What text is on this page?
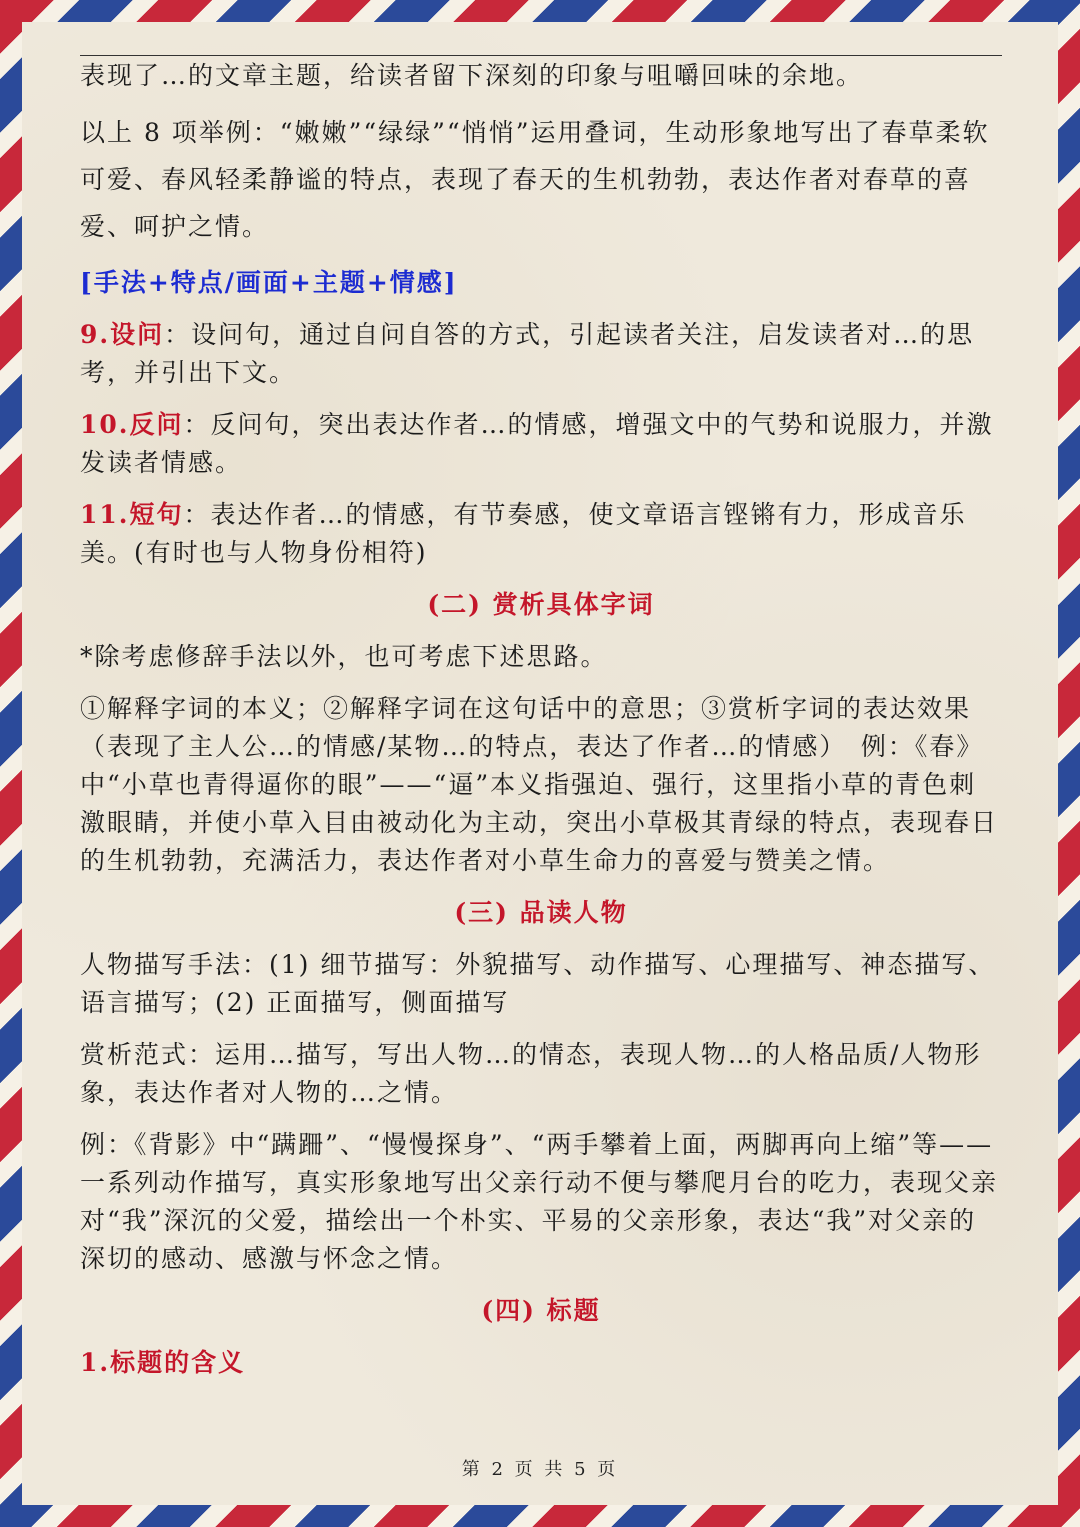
表现了…的文章主题，给读者留下深刻的印象与咀嚼回味的余地。

以上 8 项举例：“嫩嫩”“绿绿”“悄悄”运用叠词，生动形象地写出了春草柔软可爱、春风轻柔静谧的特点，表现了春天的生机勃勃，表达作者对春草的喜爱、呵护之情。

[手法+特点/画面+主题+情感]

9.设问：设问句，通过自问自答的方式，引起读者关注，启发读者对…的思考，并引出下文。

10.反问：反问句，突出表达作者…的情感，增强文中的气势和说服力，并激发读者情感。

11.短句：表达作者…的情感，有节奏感，使文章语言铿锵有力，形成音乐美。(有时也与人物身份相符)

(二) 赏析具体字词

*除考虑修辞手法以外，也可考虑下述思路。

①解释字词的本义；②解释字词在这句话中的意思；③赏析字词的表达效果（表现了主人公…的情感/某物…的特点，表达了作者…的情感）　例：《春》中“小草也青得逼你的眼”——“逼”本义指强迫、强行，这里指小草的青色刺激眼睛，并使小草入目由被动化为主动，突出小草极其青绿的特点，表现春日的生机勃勃，充满活力，表达作者对小草生命力的喜爱与赞美之情。

(三) 品读人物

人物描写手法：(1) 细节描写：外貌描写、动作描写、心理描写、神态描写、语言描写；(2) 正面描写，侧面描写

赏析范式：运用…描写，写出人物…的情态，表现人物…的人格品质/人物形象，表达作者对人物的…之情。

例：《背影》中“蹒跚”、“慢慢探身”、“两手攀着上面，两脚再向上缩”等——一系列动作描写，真实形象地写出父亲行动不便与攀爬月台的吃力，表现父亲对“我”深沉的父爱，描绘出一个朴实、平易的父亲形象，表达“我”对父亲的深切的感动、感激与怀念之情。

(四) 标题

1.标题的含义

第 2 页 共 5 页
